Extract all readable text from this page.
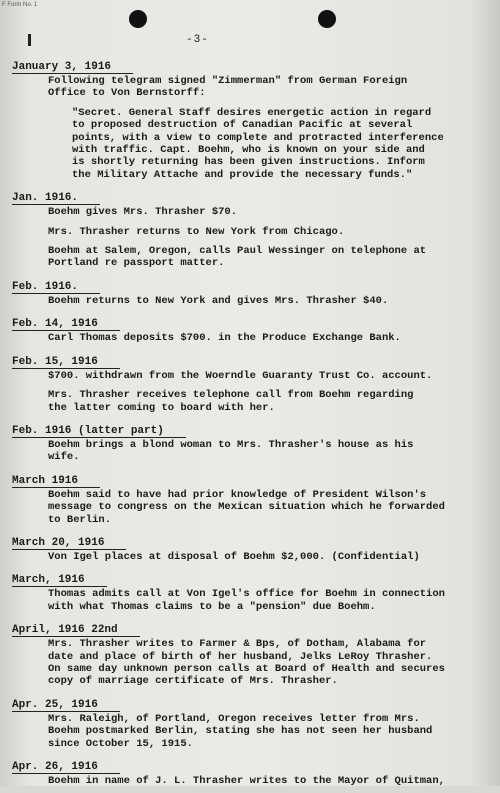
F Form No. 1
-3-
January 3, 1916
Following telegram signed "Zimmerman" from German Foreign
Office to Von Bernstorff:
"Secret. General Staff desires energetic action in regard
to proposed destruction of Canadian Pacific at several
points, with a view to complete and protracted interference
with traffic. Capt. Boehm, who is known on your side and
is shortly returning has been given instructions. Inform
the Military Attache and provide the necessary funds."
Jan. 1916.
Boehm gives Mrs. Thrasher $70.
Mrs. Thrasher returns to New York from Chicago.
Boehm at Salem, Oregon, calls Paul Wessinger on telephone at
Portland re passport matter.
Feb. 1916.
Boehm returns to New York and gives Mrs. Thrasher $40.
Feb. 14, 1916
Carl Thomas deposits $700. in the Produce Exchange Bank.
Feb. 15, 1916
$700. withdrawn from the Woerndle Guaranty Trust Co. account.
Mrs. Thrasher receives telephone call from Boehm regarding
the latter coming to board with her.
Feb. 1916 (latter part)
Boehm brings a blond woman to Mrs. Thrasher's house as his
wife.
March 1916
Boehm said to have had prior knowledge of President Wilson's
message to congress on the Mexican situation which he forwarded
to Berlin.
March 20, 1916
Von Igel places at disposal of Boehm $2,000. (Confidential)
March, 1916
Thomas admits call at Von Igel's office for Boehm in connection
with what Thomas claims to be a "pension" due Boehm.
April, 1916 22nd
Mrs. Thrasher writes to Farmer & Bps, of Dotham, Alabama for
date and place of birth of her husband, Jelks LeRoy Thrasher.
On same day unknown person calls at Board of Health and secures
copy of marriage certificate of Mrs. Thrasher.
Apr. 25, 1916
Mrs. Raleigh, of Portland, Oregon receives letter from Mrs.
Boehm postmarked Berlin, stating she has not seen her husband
since October 15, 1915.
Apr. 26, 1916
Boehm in name of J. L. Thrasher writes to the Mayor of Quitman,
